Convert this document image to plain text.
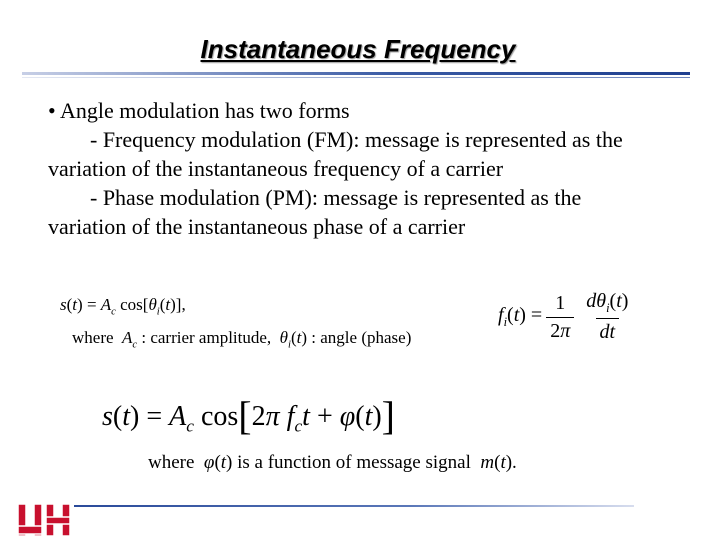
Instantaneous Frequency

• Angle modulation has two forms

- Frequency modulation (FM): message is represented as the

variation of the instantaneous frequency of a carrier

- Phase modulation (PM): message is represented as the

variation of the instantaneous phase of a carrier

$s(t) = A_c$ $\cos[\theta_i(t)]$,
where  $A_c$ : carrier amplitude,  $\theta_i(t)$ : angle (phase)
$f_i(t) = \frac{1}{2\pi} \frac{d\theta_i(t)}{dt}$
$s(t) = A_c$ cos[2π $f_ct + \varphi(t)$]
where  φ(t) is a function of message signal  m(t).
